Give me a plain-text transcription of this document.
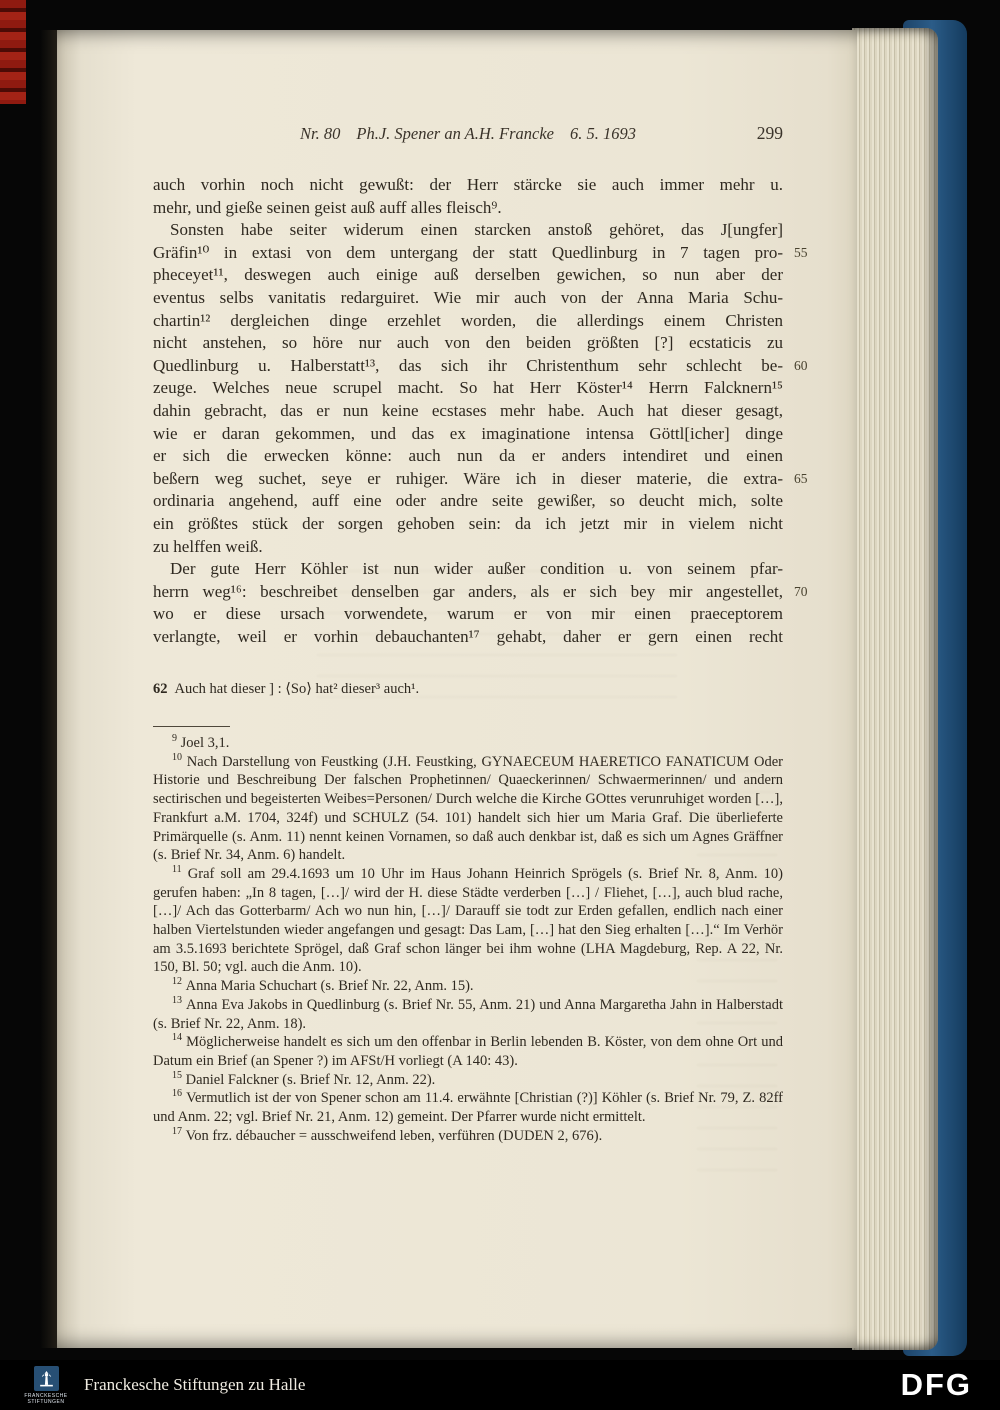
Nr. 80 Ph.J. Spener an A.H. Francke 6. 5. 1693	299
auch vorhin noch nicht gewußt: der Herr stärcke sie auch immer mehr u.
mehr, und gieße seinen geist auß auff alles fleisch⁹.
Sonsten habe seiter widerum einen starcken anstoß gehöret, das J[ungfer]
Gräfin¹⁰ in extasi von dem untergang der statt Quedlinburg in 7 tagen pro- 55
pheceyet¹¹, deswegen auch einige auß derselben gewichen, so nun aber der
eventus selbs vanitatis redarguiret. Wie mir auch von der Anna Maria Schu-
chartin¹² dergleichen dinge erzehlet worden, die allerdings einem Christen
nicht anstehen, so höre nur auch von den beiden größten [?] ecstaticis zu
Quedlinburg u. Halberstatt¹³, das sich ihr Christenthum sehr schlecht be- 60
zeuge. Welches neue scrupel macht. So hat Herr Köster¹⁴ Herrn Falcknern¹⁵
dahin gebracht, das er nun keine ecstases mehr habe. Auch hat dieser gesagt,
wie er daran gekommen, und das ex imaginatione intensa Göttl[icher] dinge
er sich die erwecken könne: auch nun da er anders intendiret und einen
beßern weg suchet, seye er ruhiger. Wäre ich in dieser materie, die extra- 65
ordinaria angehend, auff eine oder andre seite gewißer, so deucht mich, solte
ein größtes stück der sorgen gehoben sein: da ich jetzt mir in vielem nicht
zu helffen weiß.
Der gute Herr Köhler ist nun wider außer condition u. von seinem pfar-
herrn weg¹⁶: beschreibet denselben gar anders, als er sich bey mir angestellet, 70
wo er diese ursach vorwendete, warum er von mir einen praeceptorem
verlangte, weil er vorhin debauchanten¹⁷ gehabt, daher er gern einen recht
62 Auch hat dieser ] : ⟨So⟩ hat² dieser³ auch¹.
$^9$ Joel 3,1.
$^{10}$ Nach Darstellung von Feustking (J.H. Feustking, GYNAECEUM HAERETICO FANATICUM Oder Historie und Beschreibung Der falschen Prophetinnen/ Quaeckerinnen/ Schwaermerinnen/ und andern sectirischen und begeisterten Weibes=Personen/ Durch welche die Kirche GOttes verunruhiget worden […], Frankfurt a.M. 1704, 324f) und SCHULZ (54. 101) handelt sich hier um Maria Graf. Die überlieferte Primärquelle (s. Anm. 11) nennt keinen Vornamen, so daß auch denkbar ist, daß es sich um Agnes Gräffner (s. Brief Nr. 34, Anm. 6) handelt.
$^{11}$ Graf soll am 29.4.1693 um 10 Uhr im Haus Johann Heinrich Sprögels (s. Brief Nr. 8, Anm. 10) gerufen haben: „In 8 tagen, […]/ wird der H. diese Städte verderben […] / Fliehet, […], auch blud rache, […]/ Ach das Gotterbarm/ Ach wo nun hin, […]/ Darauff sie todt zur Erden gefallen, endlich nach einer halben Viertelstunden wieder angefangen und gesagt: Das Lam, […] hat den Sieg erhalten […].“ Im Verhör am 3.5.1693 berichtete Sprögel, daß Graf schon länger bei ihm wohne (LHA Magdeburg, Rep. A 22, Nr. 150, Bl. 50; vgl. auch die Anm. 10).
$^{12}$ Anna Maria Schuchart (s. Brief Nr. 22, Anm. 15).
$^{13}$ Anna Eva Jakobs in Quedlinburg (s. Brief Nr. 55, Anm. 21) und Anna Margaretha Jahn in Halberstadt (s. Brief Nr. 22, Anm. 18).
$^{14}$ Möglicherweise handelt es sich um den offenbar in Berlin lebenden B. Köster, von dem ohne Ort und Datum ein Brief (an Spener ?) im AFSt/H vorliegt (A 140: 43).
$^{15}$ Daniel Falckner (s. Brief Nr. 12, Anm. 22).
$^{16}$ Vermutlich ist der von Spener schon am 11.4. erwähnte [Christian (?)] Köhler (s. Brief Nr. 79, Z. 82ff und Anm. 22; vgl. Brief Nr. 21, Anm. 12) gemeint. Der Pfarrer wurde nicht ermittelt.
$^{17}$ Von frz. débaucher = ausschweifend leben, verführen (DUDEN 2, 676).
FRANCKESCHE
STIFTUNGEN
Franckesche Stiftungen zu Halle	DFG
